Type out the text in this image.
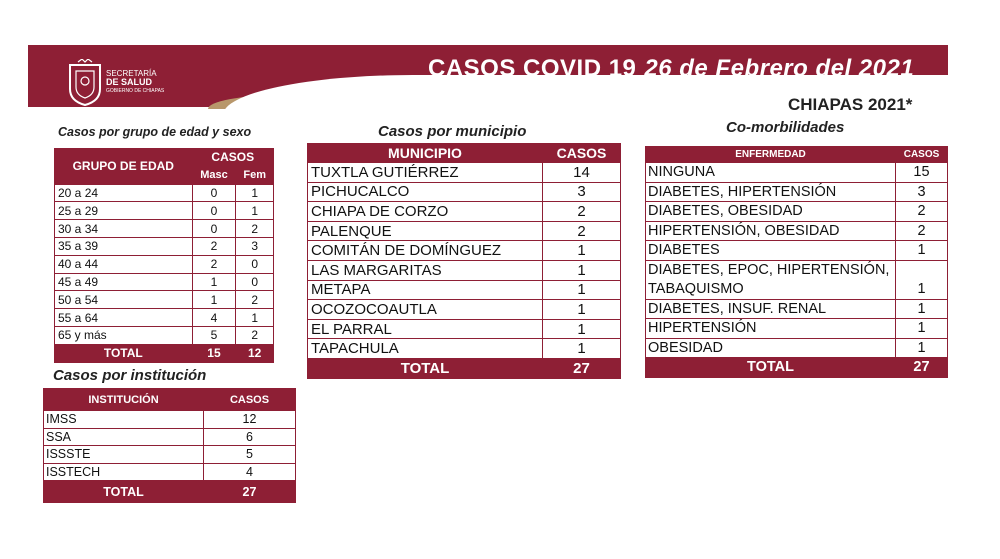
SECRETARÍA
DE SALUD
GOBIERNO DE CHIAPAS
CASOS COVID 19 26 de Febrero del 2021
CHIAPAS 2021*
Casos por grupo de edad y sexo	Casos por municipio	Co-morbilidades
Casos por institución
GRUPO DE EDAD	CASOS	
	Masc	Fem
20 a 24	0	1
25 a 29	0	1
30 a 34	0	2
35 a 39	2	3
40 a 44	2	0
45 a 49	1	0
50 a 54	1	2
55 a 64	4	1
65 y más	5	2
TOTAL	15	12
MUNICIPIO	CASOS
TUXTLA GUTIÉRREZ	14
PICHUCALCO	3
CHIAPA DE CORZO	2
PALENQUE	2
COMITÁN DE DOMÍNGUEZ	1
LAS MARGARITAS	1
METAPA	1
OCOZOCOAUTLA	1
EL PARRAL	1
TAPACHULA	1
TOTAL	27
ENFERMEDAD	CASOS
NINGUNA	15
DIABETES, HIPERTENSIÓN	3
DIABETES, OBESIDAD	2
HIPERTENSIÓN, OBESIDAD	2
DIABETES	1
DIABETES, EPOC, HIPERTENSIÓN, TABAQUISMO	1
DIABETES, INSUF. RENAL	1
HIPERTENSIÓN	1
OBESIDAD	1
TOTAL	27
INSTITUCIÓN	CASOS
IMSS	12
SSA	6
ISSSTE	5
ISSTECH	4
TOTAL	27
